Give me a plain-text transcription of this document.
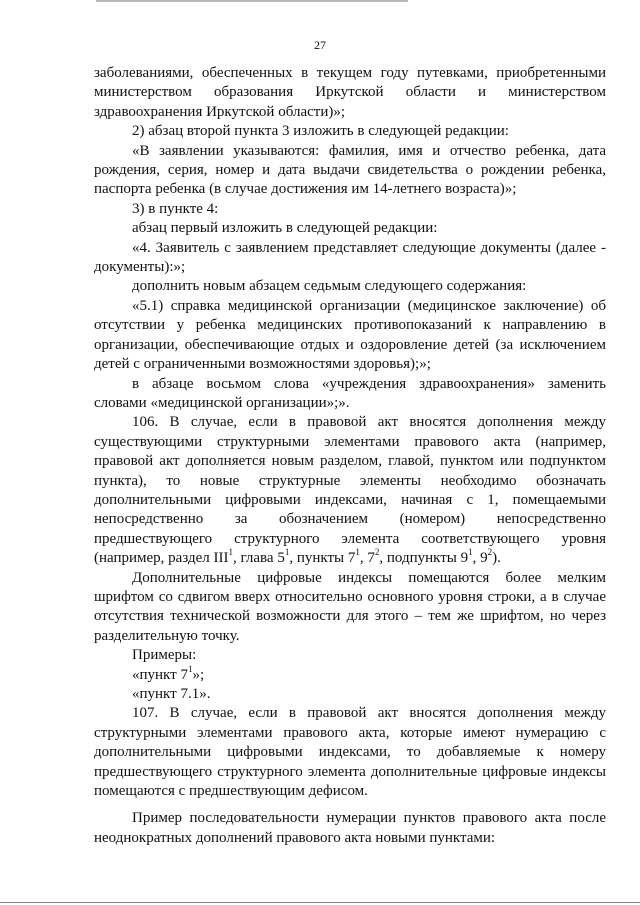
27

заболеваниями, обеспеченных в текущем году путевками, приобретенными министерством образования Иркутской области и министерством здравоохранения Иркутской области)»;

2) абзац второй пункта 3 изложить в следующей редакции:

«В заявлении указываются: фамилия, имя и отчество ребенка, дата рождения, серия, номер и дата выдачи свидетельства о рождении ребенка, паспорта ребенка (в случае достижения им 14-летнего возраста)»;

3) в пункте 4:

абзац первый изложить в следующей редакции:

«4. Заявитель с заявлением представляет следующие документы (далее - документы):»;

дополнить новым абзацем седьмым следующего содержания:

«5.1) справка медицинской организации (медицинское заключение) об отсутствии у ребенка медицинских противопоказаний к направлению в организации, обеспечивающие отдых и оздоровление детей (за исключением детей с ограниченными возможностями здоровья);»;

в абзаце восьмом слова «учреждения здравоохранения» заменить словами «медицинской организации»;».

106. В случае, если в правовой акт вносятся дополнения между существующими структурными элементами правового акта (например, правовой акт дополняется новым разделом, главой, пунктом или подпунктом пункта), то новые структурные элементы необходимо обозначать дополнительными цифровыми индексами, начиная с 1, помещаемыми непосредственно за обозначением (номером) непосредственно предшествующего структурного элемента соответствующего уровня (например, раздел III$^1$, глава $5^1$, пункты $7^1$, $7^2$, подпункты $9^1$, $9^2$).

Дополнительные цифровые индексы помещаются более мелким шрифтом со сдвигом вверх относительно основного уровня строки, а в случае отсутствия технической возможности для этого – тем же шрифтом, но через разделительную точку.

Примеры:

«пункт $7^1$»;

«пункт 7.1».

107. В случае, если в правовой акт вносятся дополнения между структурными элементами правового акта, которые имеют нумерацию с дополнительными цифровыми индексами, то добавляемые к номеру предшествующего структурного элемента дополнительные цифровые индексы помещаются с предшествующим дефисом.

Пример последовательности нумерации пунктов правового акта после неоднократных дополнений правового акта новыми пунктами:
